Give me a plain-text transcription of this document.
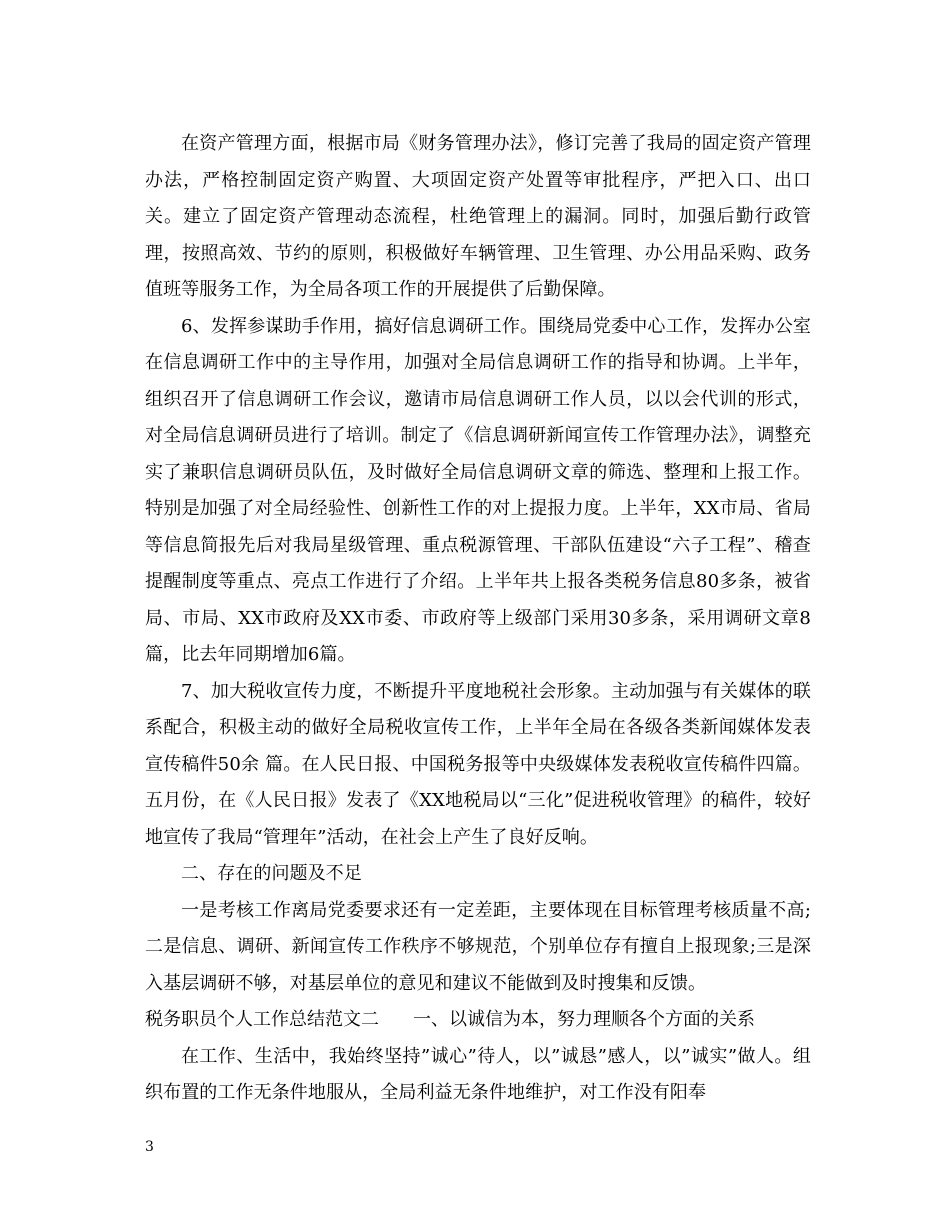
在资产管理方面，根据市局《财务管理办法》，修订完善了我局的固定资产管理办法，严格控制固定资产购置、大项固定资产处置等审批程序，严把入口、出口关。建立了固定资产管理动态流程，杜绝管理上的漏洞。同时，加强后勤行政管理，按照高效、节约的原则，积极做好车辆管理、卫生管理、办公用品采购、政务值班等服务工作，为全局各项工作的开展提供了后勤保障。

6、发挥参谋助手作用，搞好信息调研工作。围绕局党委中心工作，发挥办公室在信息调研工作中的主导作用，加强对全局信息调研工作的指导和协调。上半年，组织召开了信息调研工作会议，邀请市局信息调研工作人员，以以会代训的形式，对全局信息调研员进行了培训。制定了《信息调研新闻宣传工作管理办法》，调整充实了兼职信息调研员队伍，及时做好全局信息调研文章的筛选、整理和上报工作。特别是加强了对全局经验性、创新性工作的对上提报力度。上半年，XX市局、省局等信息简报先后对我局星级管理、重点税源管理、干部队伍建设“六子工程”、稽查提醒制度等重点、亮点工作进行了介绍。上半年共上报各类税务信息80多条，被省局、市局、XX市政府及XX市委、市政府等上级部门采用30多条，采用调研文章8篇，比去年同期增加6篇。

7、加大税收宣传力度，不断提升平度地税社会形象。主动加强与有关媒体的联系配合，积极主动的做好全局税收宣传工作，上半年全局在各级各类新闻媒体发表宣传稿件50余 篇。在人民日报、中国税务报等中央级媒体发表税收宣传稿件四篇。五月份，在《人民日报》发表了《XX地税局以“三化”促进税收管理》的稿件，较好地宣传了我局“管理年”活动，在社会上产生了良好反响。

二、存在的问题及不足

一是考核工作离局党委要求还有一定差距，主要体现在目标管理考核质量不高;二是信息、调研、新闻宣传工作秩序不够规范，个别单位存有擅自上报现象;三是深入基层调研不够，对基层单位的意见和建议不能做到及时搜集和反馈。

税务职员个人工作总结范文二 一、以诚信为本，努力理顺各个方面的关系

在工作、生活中，我始终坚持”诚心”待人，以”诚恳”感人，以”诚实”做人。组织布置的工作无条件地服从，全局利益无条件地维护，对工作没有阳奉

3
